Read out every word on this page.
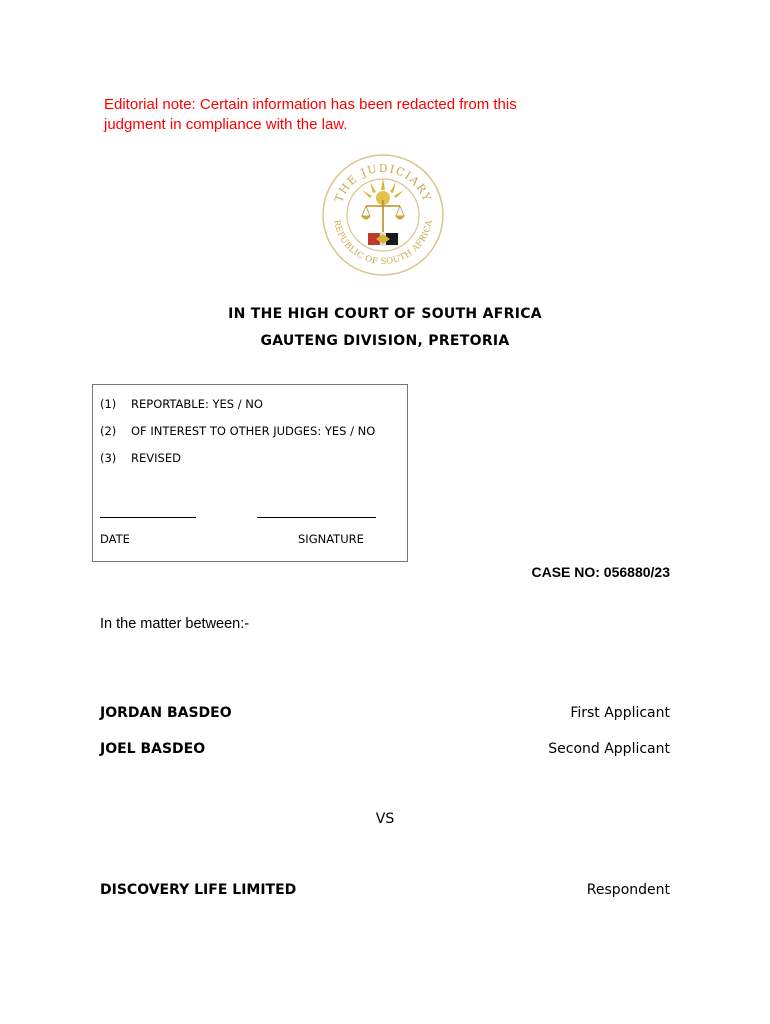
Editorial note: Certain information has been redacted from this
judgment in compliance with the law.
THE JUDICIARY
REPUBLIC OF SOUTH AFRICA
IN THE HIGH COURT OF SOUTH AFRICA
GAUTENG DIVISION, PRETORIA
(1) REPORTABLE: YES / NO
(2) OF INTEREST TO OTHER JUDGES: YES / NO
(3) REVISED
DATE	SIGNATURE
CASE NO: 056880/23
In the matter between:-
JORDAN BASDEO	First Applicant
JOEL BASDEO	Second Applicant
VS
DISCOVERY LIFE LIMITED	Respondent
